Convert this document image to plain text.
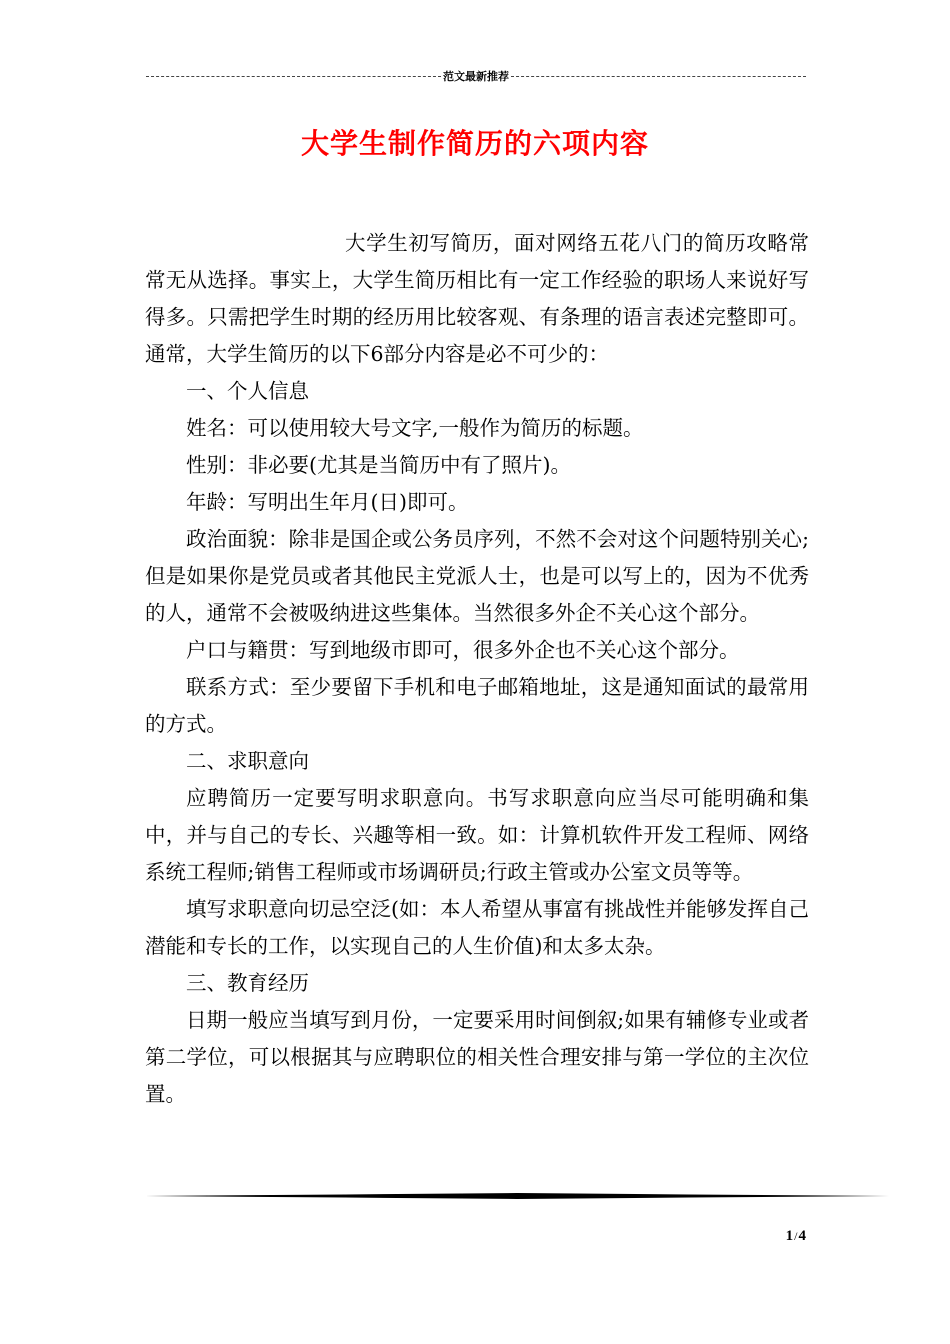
范文最新推荐
大学生制作简历的六项内容

大学生初写简历，面对网络五花八门的简历攻略常常无从选择。事实上，大学生简历相比有一定工作经验的职场人来说好写得多。只需把学生时期的经历用比较客观、有条理的语言表述完整即可。通常，大学生简历的以下6部分内容是必不可少的：

一、个人信息

姓名：可以使用较大号文字,一般作为简历的标题。

性别：非必要(尤其是当简历中有了照片)。

年龄：写明出生年月(日)即可。

政治面貌：除非是国企或公务员序列，不然不会对这个问题特别关心;但是如果你是党员或者其他民主党派人士，也是可以写上的，因为不优秀的人，通常不会被吸纳进这些集体。当然很多外企不关心这个部分。

户口与籍贯：写到地级市即可，很多外企也不关心这个部分。

联系方式：至少要留下手机和电子邮箱地址，这是通知面试的最常用的方式。

二、求职意向

应聘简历一定要写明求职意向。书写求职意向应当尽可能明确和集中，并与自己的专长、兴趣等相一致。如：计算机软件开发工程师、网络系统工程师;销售工程师或市场调研员;行政主管或办公室文员等等。

填写求职意向切忌空泛(如：本人希望从事富有挑战性并能够发挥自己潜能和专长的工作，以实现自己的人生价值)和太多太杂。

三、教育经历

日期一般应当填写到月份，一定要采用时间倒叙;如果有辅修专业或者第二学位，可以根据其与应聘职位的相关性合理安排与第一学位的主次位置。

1/4
